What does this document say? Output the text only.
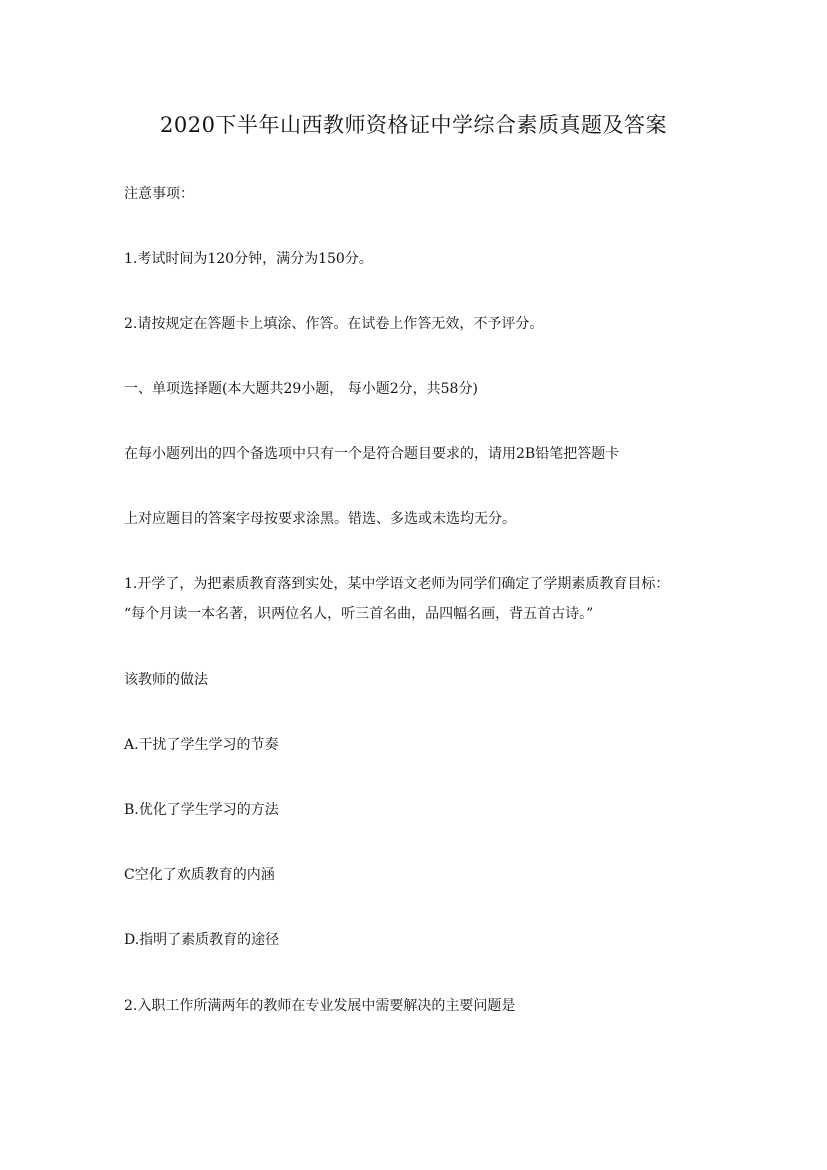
2020下半年山西教师资格证中学综合素质真题及答案
注意事项：
1.考试时间为120分钟，满分为150分。
2.请按规定在答题卡上填涂、作答。在试卷上作答无效，不予评分。
一、单项选择题(本大题共29小题， 每小题2分，共58分)
在每小题列出的四个备选项中只有一个是符合题目要求的，请用2B铅笔把答题卡
上对应题目的答案字母按要求涂黑。错选、多选或未选均无分。
1.开学了，为把素质教育落到实处，某中学语文老师为同学们确定了学期素质教育目标：
“每个月读一本名著，识两位名人，听三首名曲，品四幅名画，背五首古诗。”
该教师的做法
A.干扰了学生学习的节奏
B.优化了学生学习的方法
C空化了欢质教育的内涵
D.指明了素质教育的途径
2.入职工作所满两年的教师在专业发展中需要解决的主要问题是
